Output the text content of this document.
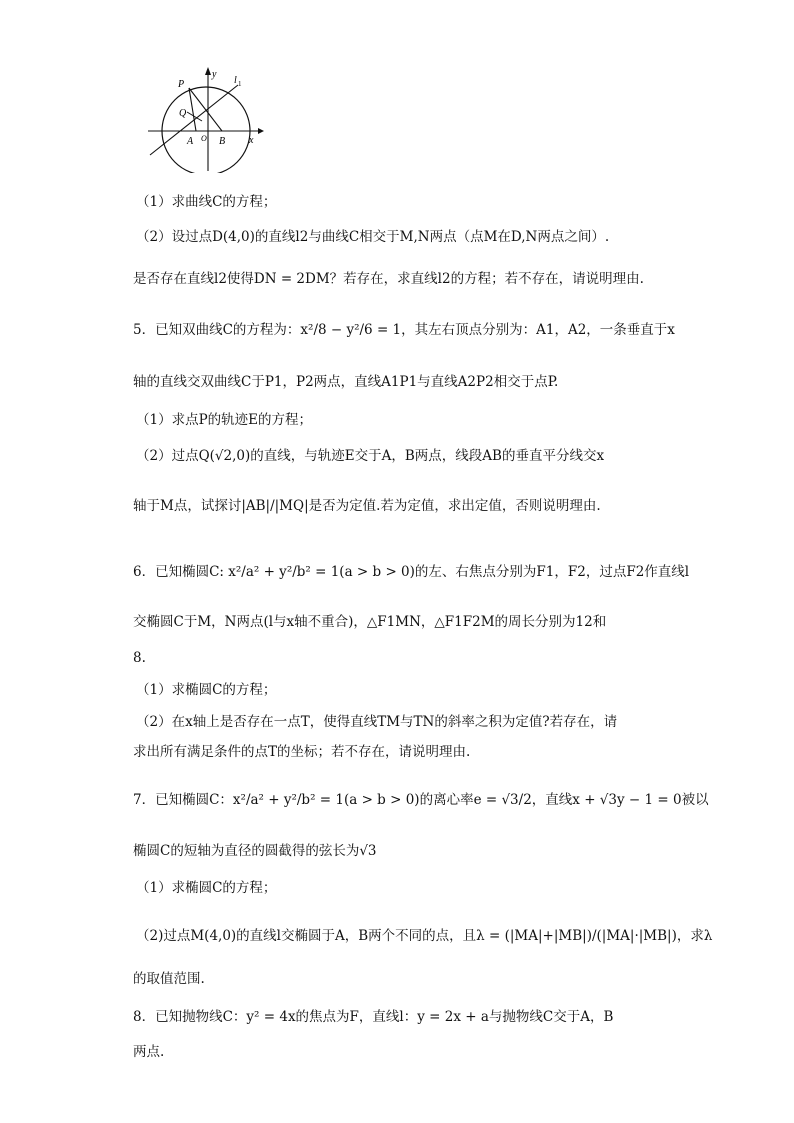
P
y
l 1
Q
A O B x
（1）求曲线C的方程；
（2）设过点D(4,0)的直线l2与曲线C相交于M,N两点（点M在D,N两点之间）.
是否存在直线l2使得DN = 2DM？若存在，求直线l2的方程；若不存在，请说明理由.
5．已知双曲线C的方程为：x²/8 − y²/6 = 1，其左右顶点分别为：A1，A2，一条垂直于x
轴的直线交双曲线C于P1，P2两点，直线A1P1与直线A2P2相交于点P.
（1）求点P的轨迹E的方程；
（2）过点Q(√2,0)的直线，与轨迹E交于A，B两点，线段AB的垂直平分线交x
轴于M点，试探讨|AB|/|MQ|是否为定值.若为定值，求出定值，否则说明理由.
6．已知椭圆C: x²/a² + y²/b² = 1(a > b > 0)的左、右焦点分别为F1，F2，过点F2作直线l
交椭圆C于M，N两点(l与x轴不重合)，△F1MN，△F1F2M的周长分别为12和
8.
（1）求椭圆C的方程；
（2）在x轴上是否存在一点T，使得直线TM与TN的斜率之积为定值?若存在，请
求出所有满足条件的点T的坐标；若不存在，请说明理由.
7．已知椭圆C：x²/a² + y²/b² = 1(a > b > 0)的离心率e = √3/2，直线x + √3y − 1 = 0被以
椭圆C的短轴为直径的圆截得的弦长为√3
（1）求椭圆C的方程；
（2)过点M(4,0)的直线l交椭圆于A，B两个不同的点，且λ = (|MA|+|MB|)/(|MA|·|MB|)，求λ
的取值范围.
8．已知抛物线C：y² = 4x的焦点为F，直线l：y = 2x + a与抛物线C交于A，B
两点.
